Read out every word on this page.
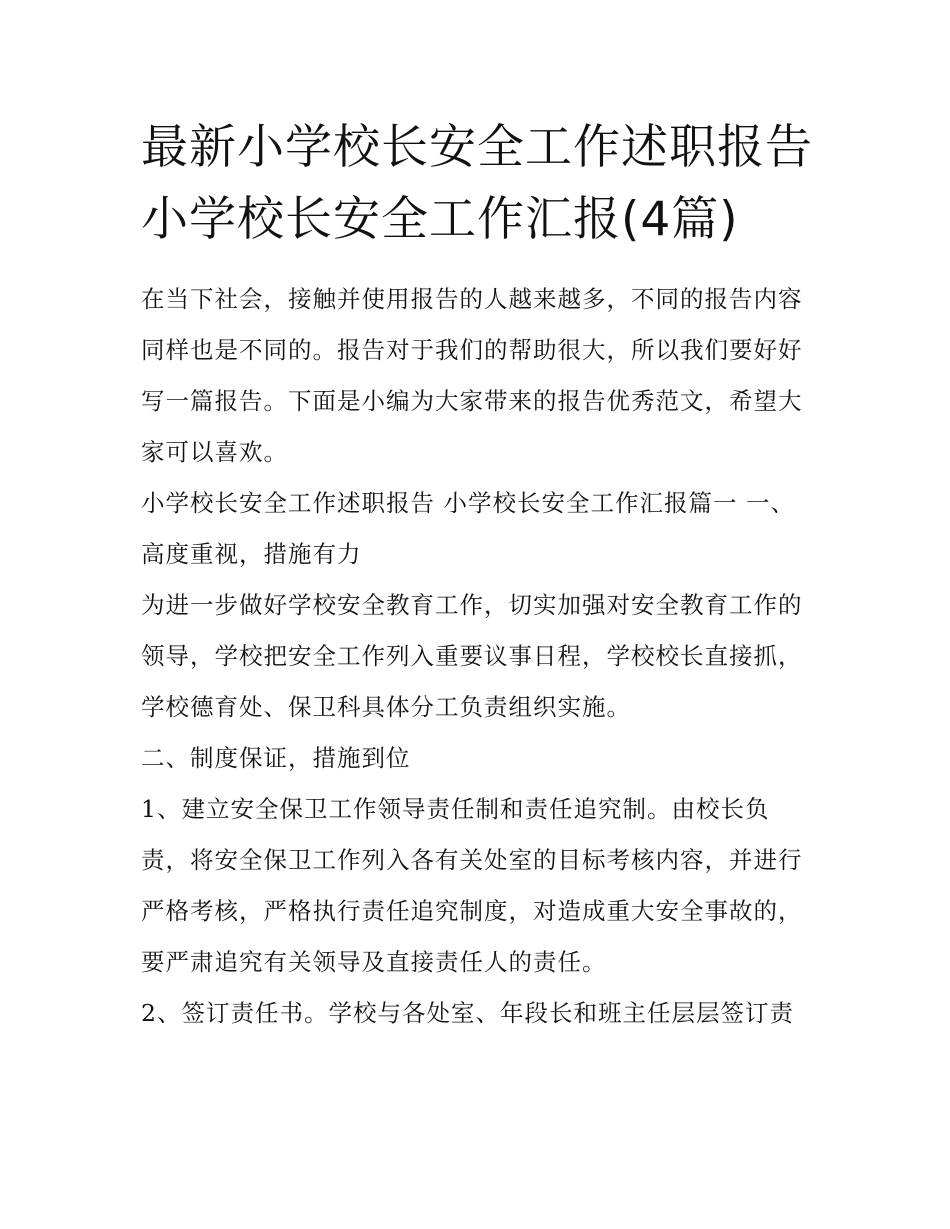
最新小学校长安全工作述职报告 小学校长安全工作汇报(4篇)

在当下社会，接触并使用报告的人越来越多，不同的报告内容同样也是不同的。报告对于我们的帮助很大，所以我们要好好写一篇报告。下面是小编为大家带来的报告优秀范文，希望大家可以喜欢。

小学校长安全工作述职报告 小学校长安全工作汇报篇一 一、高度重视，措施有力

为进一步做好学校安全教育工作，切实加强对安全教育工作的领导，学校把安全工作列入重要议事日程，学校校长直接抓，学校德育处、保卫科具体分工负责组织实施。

二、制度保证，措施到位

1、建立安全保卫工作领导责任制和责任追究制。由校长负责，将安全保卫工作列入各有关处室的目标考核内容，并进行严格考核，严格执行责任追究制度，对造成重大安全事故的，要严肃追究有关领导及直接责任人的责任。

2、签订责任书。学校与各处室、年段长和班主任层层签订责
